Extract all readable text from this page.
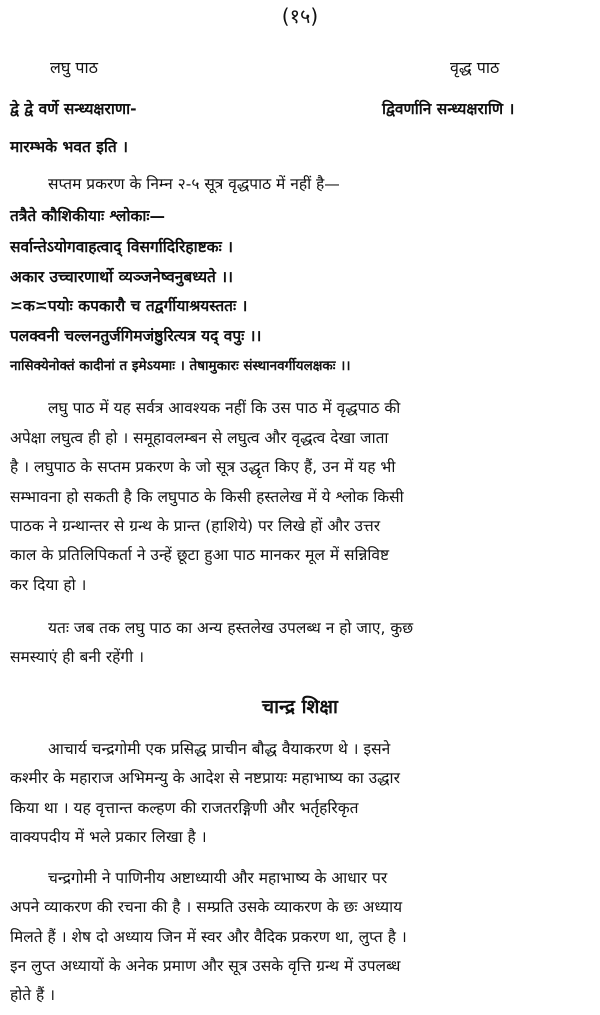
(१५)
लघु पाठ	वृद्ध पाठ
द्वे द्वे वर्णे सन्ध्यक्षराणा-
मारम्भके भवत इति ।
द्विवर्णानि सन्ध्यक्षराणि ।
सप्तम प्रकरण के निम्न २-५ सूत्र वृद्धपाठ में नहीं है—
तत्रैते कौशिकीयाः श्लोकाः—
सर्वान्तेऽयोगवाहत्वाद् विसर्गादिरिहाष्टकः ।
अकार उच्चारणार्थो व्यञ्जनेष्वनुबध्यते ।।
≍क≍पयोः कपकारौ च तद्वर्गीयाश्रयस्ततः ।
पलक्वनी चल्लनतुर्जगिमजंष्ठुरित्यत्र यद् वपुः ।।
नासिक्येनोक्तं कादीनां त इमेऽयमाः । तेषामुकारः संस्थानवर्गीयलक्षकः ।।
लघु पाठ में यह सर्वत्र आवश्यक नहीं कि उस पाठ में वृद्धपाठ की
अपेक्षा लघुत्व ही हो । समूहावलम्बन से लघुत्व और वृद्धत्व देखा जाता
है । लघुपाठ के सप्तम प्रकरण के जो सूत्र उद्धृत किए हैं, उन में यह भी
सम्भावना हो सकती है कि लघुपाठ के किसी हस्तलेख में ये श्लोक किसी
पाठक ने ग्रन्थान्तर से ग्रन्थ के प्रान्त (हाशिये) पर लिखे हों और उत्तर
काल के प्रतिलिपिकर्ता ने उन्हें छूटा हुआ पाठ मानकर मूल में सन्निविष्ट
कर दिया हो ।
यतः जब तक लघु पाठ का अन्य हस्तलेख उपलब्ध न हो जाए, कुछ
समस्याएं ही बनी रहेंगी ।
चान्द्र शिक्षा
आचार्य चन्द्रगोमी एक प्रसिद्ध प्राचीन बौद्ध वैयाकरण थे । इसने
कश्मीर के महाराज अभिमन्यु के आदेश से नष्टप्रायः महाभाष्य का उद्धार
किया था । यह वृत्तान्त कल्हण की राजतरङ्गिणी और भर्तृहरिकृत
वाक्यपदीय में भले प्रकार लिखा है ।
चन्द्रगोमी ने पाणिनीय अष्टाध्यायी और महाभाष्य के आधार पर
अपने व्याकरण की रचना की है । सम्प्रति उसके व्याकरण के छः अध्याय
मिलते हैं । शेष दो अध्याय जिन में स्वर और वैदिक प्रकरण था, लुप्त है ।
इन लुप्त अध्यायों के अनेक प्रमाण और सूत्र उसके वृत्ति ग्रन्थ में उपलब्ध
होते हैं ।
